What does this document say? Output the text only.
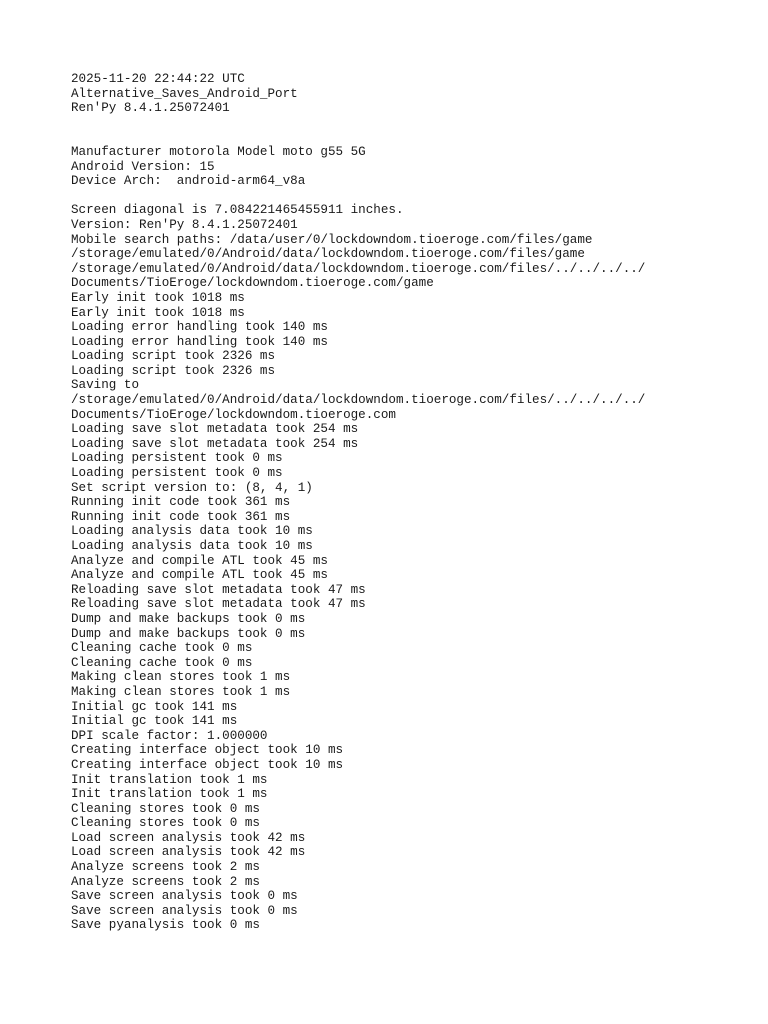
2025-11-20 22:44:22 UTC
Alternative_Saves_Android_Port
Ren'Py 8.4.1.25072401
Manufacturer motorola Model moto g55 5G
Android Version: 15
Device Arch:  android-arm64_v8a
Screen diagonal is 7.084221465455911 inches.
Version: Ren'Py 8.4.1.25072401
Mobile search paths: /data/user/0/lockdowndom.tioeroge.com/files/game
/storage/emulated/0/Android/data/lockdowndom.tioeroge.com/files/game
/storage/emulated/0/Android/data/lockdowndom.tioeroge.com/files/../../../../
Documents/TioEroge/lockdowndom.tioeroge.com/game
Early init took 1018 ms
Early init took 1018 ms
Loading error handling took 140 ms
Loading error handling took 140 ms
Loading script took 2326 ms
Loading script took 2326 ms
Saving to
/storage/emulated/0/Android/data/lockdowndom.tioeroge.com/files/../../../../
Documents/TioEroge/lockdowndom.tioeroge.com
Loading save slot metadata took 254 ms
Loading save slot metadata took 254 ms
Loading persistent took 0 ms
Loading persistent took 0 ms
Set script version to: (8, 4, 1)
Running init code took 361 ms
Running init code took 361 ms
Loading analysis data took 10 ms
Loading analysis data took 10 ms
Analyze and compile ATL took 45 ms
Analyze and compile ATL took 45 ms
Reloading save slot metadata took 47 ms
Reloading save slot metadata took 47 ms
Dump and make backups took 0 ms
Dump and make backups took 0 ms
Cleaning cache took 0 ms
Cleaning cache took 0 ms
Making clean stores took 1 ms
Making clean stores took 1 ms
Initial gc took 141 ms
Initial gc took 141 ms
DPI scale factor: 1.000000
Creating interface object took 10 ms
Creating interface object took 10 ms
Init translation took 1 ms
Init translation took 1 ms
Cleaning stores took 0 ms
Cleaning stores took 0 ms
Load screen analysis took 42 ms
Load screen analysis took 42 ms
Analyze screens took 2 ms
Analyze screens took 2 ms
Save screen analysis took 0 ms
Save screen analysis took 0 ms
Save pyanalysis took 0 ms
